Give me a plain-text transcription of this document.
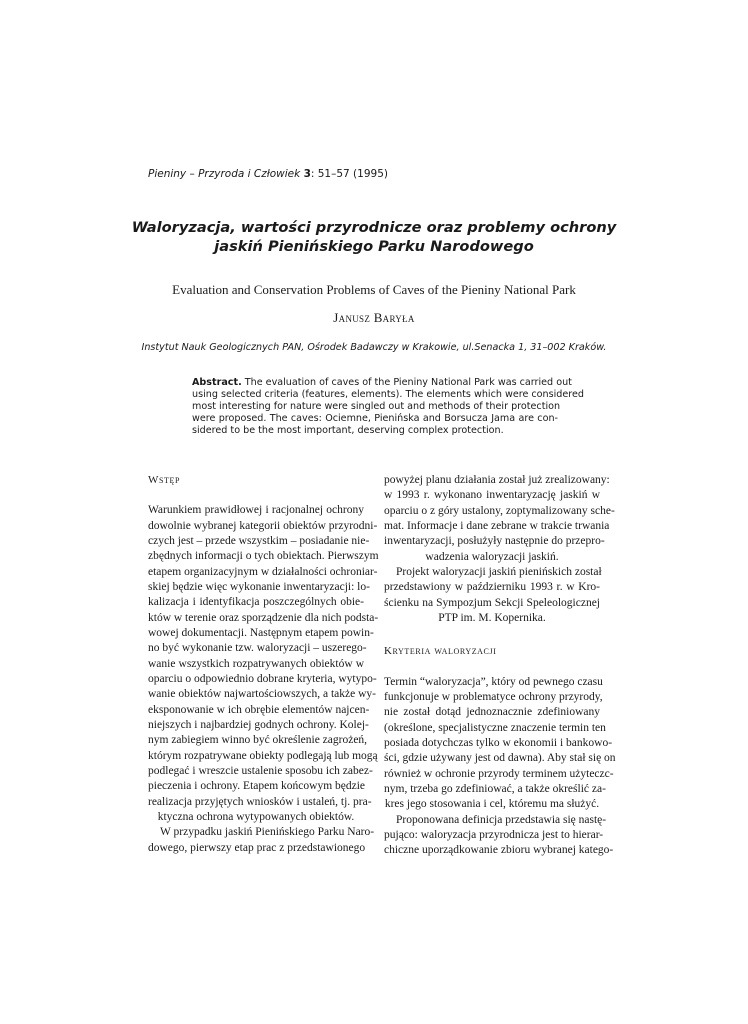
Pieniny – Przyroda i Człowiek 3: 51–57 (1995)
Waloryzacja, wartości przyrodnicze oraz problemy ochrony
jaskiń Pienińskiego Parku Narodowego
Evaluation and Conservation Problems of Caves of the Pieniny National Park
Janusz Baryła
Instytut Nauk Geologicznych PAN, Ośrodek Badawczy w Krakowie, ul.Senacka 1, 31–002 Kraków.
Abstract. The evaluation of caves of the Pieniny National Park was carried out
using selected criteria (features, elements). The elements which were considered
most interesting for nature were singled out and methods of their protection
were proposed. The caves: Ociemne, Pienińska and Borsucza Jama are con-
sidered to be the most important, deserving complex protection.
Wstęp
Warunkiem prawidłowej i racjonalnej ochrony
dowolnie wybranej kategorii obiektów przyrodni-
czych jest – przede wszystkim – posiadanie nie-
zbędnych informacji o tych obiektach. Pierwszym
etapem organizacyjnym w działalności ochroniar-
skiej będzie więc wykonanie inwentaryzacji: lo-
kalizacja i identyfikacja poszczególnych obie-
któw w terenie oraz sporządzenie dla nich podsta-
wowej dokumentacji. Następnym etapem powin-
no być wykonanie tzw. waloryzacji – uszerego-
wanie wszystkich rozpatrywanych obiektów w
oparciu o odpowiednio dobrane kryteria, wytypo-
wanie obiektów najwartościowszych, a także wy-
eksponowanie w ich obrębie elementów najcen-
niejszych i najbardziej godnych ochrony. Kolej-
nym zabiegiem winno być określenie zagrożeń,
którym rozpatrywane obiekty podlegają lub mogą
podlegać i wreszcie ustalenie sposobu ich zabez-
pieczenia i ochrony. Etapem końcowym będzie
realizacja przyjętych wniosków i ustaleń, tj. pra-
ktyczna ochrona wytypowanych obiektów.
W przypadku jaskiń Pienińskiego Parku Naro-
dowego, pierwszy etap prac z przedstawionego
powyżej planu działania został już zrealizowany:
w 1993 r. wykonano inwentaryzację jaskiń w
oparciu o z góry ustalony, zoptymalizowany sche-
mat. Informacje i dane zebrane w trakcie trwania
inwentaryzacji, posłużyły następnie do przepro-
wadzenia waloryzacji jaskiń.
Projekt waloryzacji jaskiń pienińskich został
przedstawiony w październiku 1993 r. w Kro-
ścienku na Sympozjum Sekcji Speleologicznej
PTP im. M. Kopernika.
Kryteria waloryzacji
Termin “waloryzacja”, który od pewnego czasu
funkcjonuje w problematyce ochrony przyrody,
nie został dotąd jednoznacznie zdefiniowany
(określone, specjalistyczne znaczenie termin ten
posiada dotychczas tylko w ekonomii i bankowo-
ści, gdzie używany jest od dawna). Aby stał się on
również w ochronie przyrody terminem użyteczc-
nym, trzeba go zdefiniować, a także określić za-
kres jego stosowania i cel, któremu ma służyć.
Proponowana definicja przedstawia się nastę-
pująco: waloryzacja przyrodnicza jest to hierar-
chiczne uporządkowanie zbioru wybranej katego-
